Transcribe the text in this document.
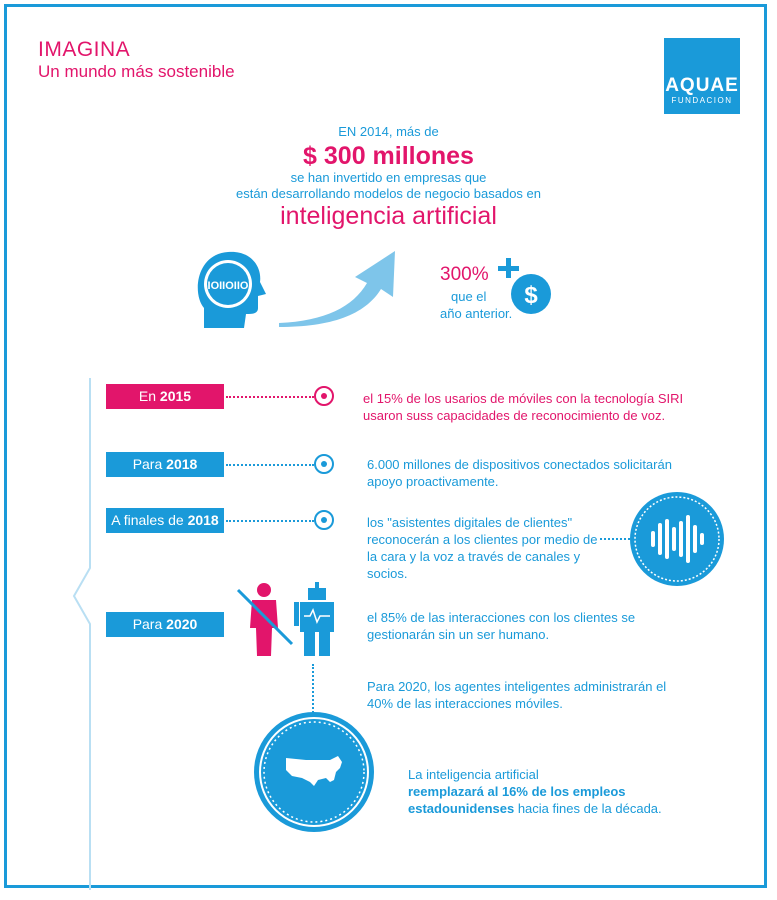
IMAGINA
Un mundo más sostenible
AQUAE
FUNDACION
EN 2014, más de
$ 300 millones
se han invertido en empresas que
están desarrollando modelos de negocio basados en
inteligencia artificial
IOIIOIIO
300%
que el
año anterior.
$
En 2015	el 15% de los usarios de móviles con la tecnología SIRI usaron suss capacidades de reconocimiento de voz.
Para 2018	6.000 millones de dispositivos conectados solicitarán apoyo proactivamente.
A finales de 2018	los "asistentes digitales de clientes" reconocerán a los clientes por medio de la cara y la voz a través de canales y socios.
Para 2020	el 85% de las interacciones con los clientes se gestionarán sin un ser humano.
Para 2020, los agentes inteligentes administrarán el 40% de las interacciones móviles.
La inteligencia artificial
reemplazará al 16% de los empleos estadounidenses hacia fines de la década.
